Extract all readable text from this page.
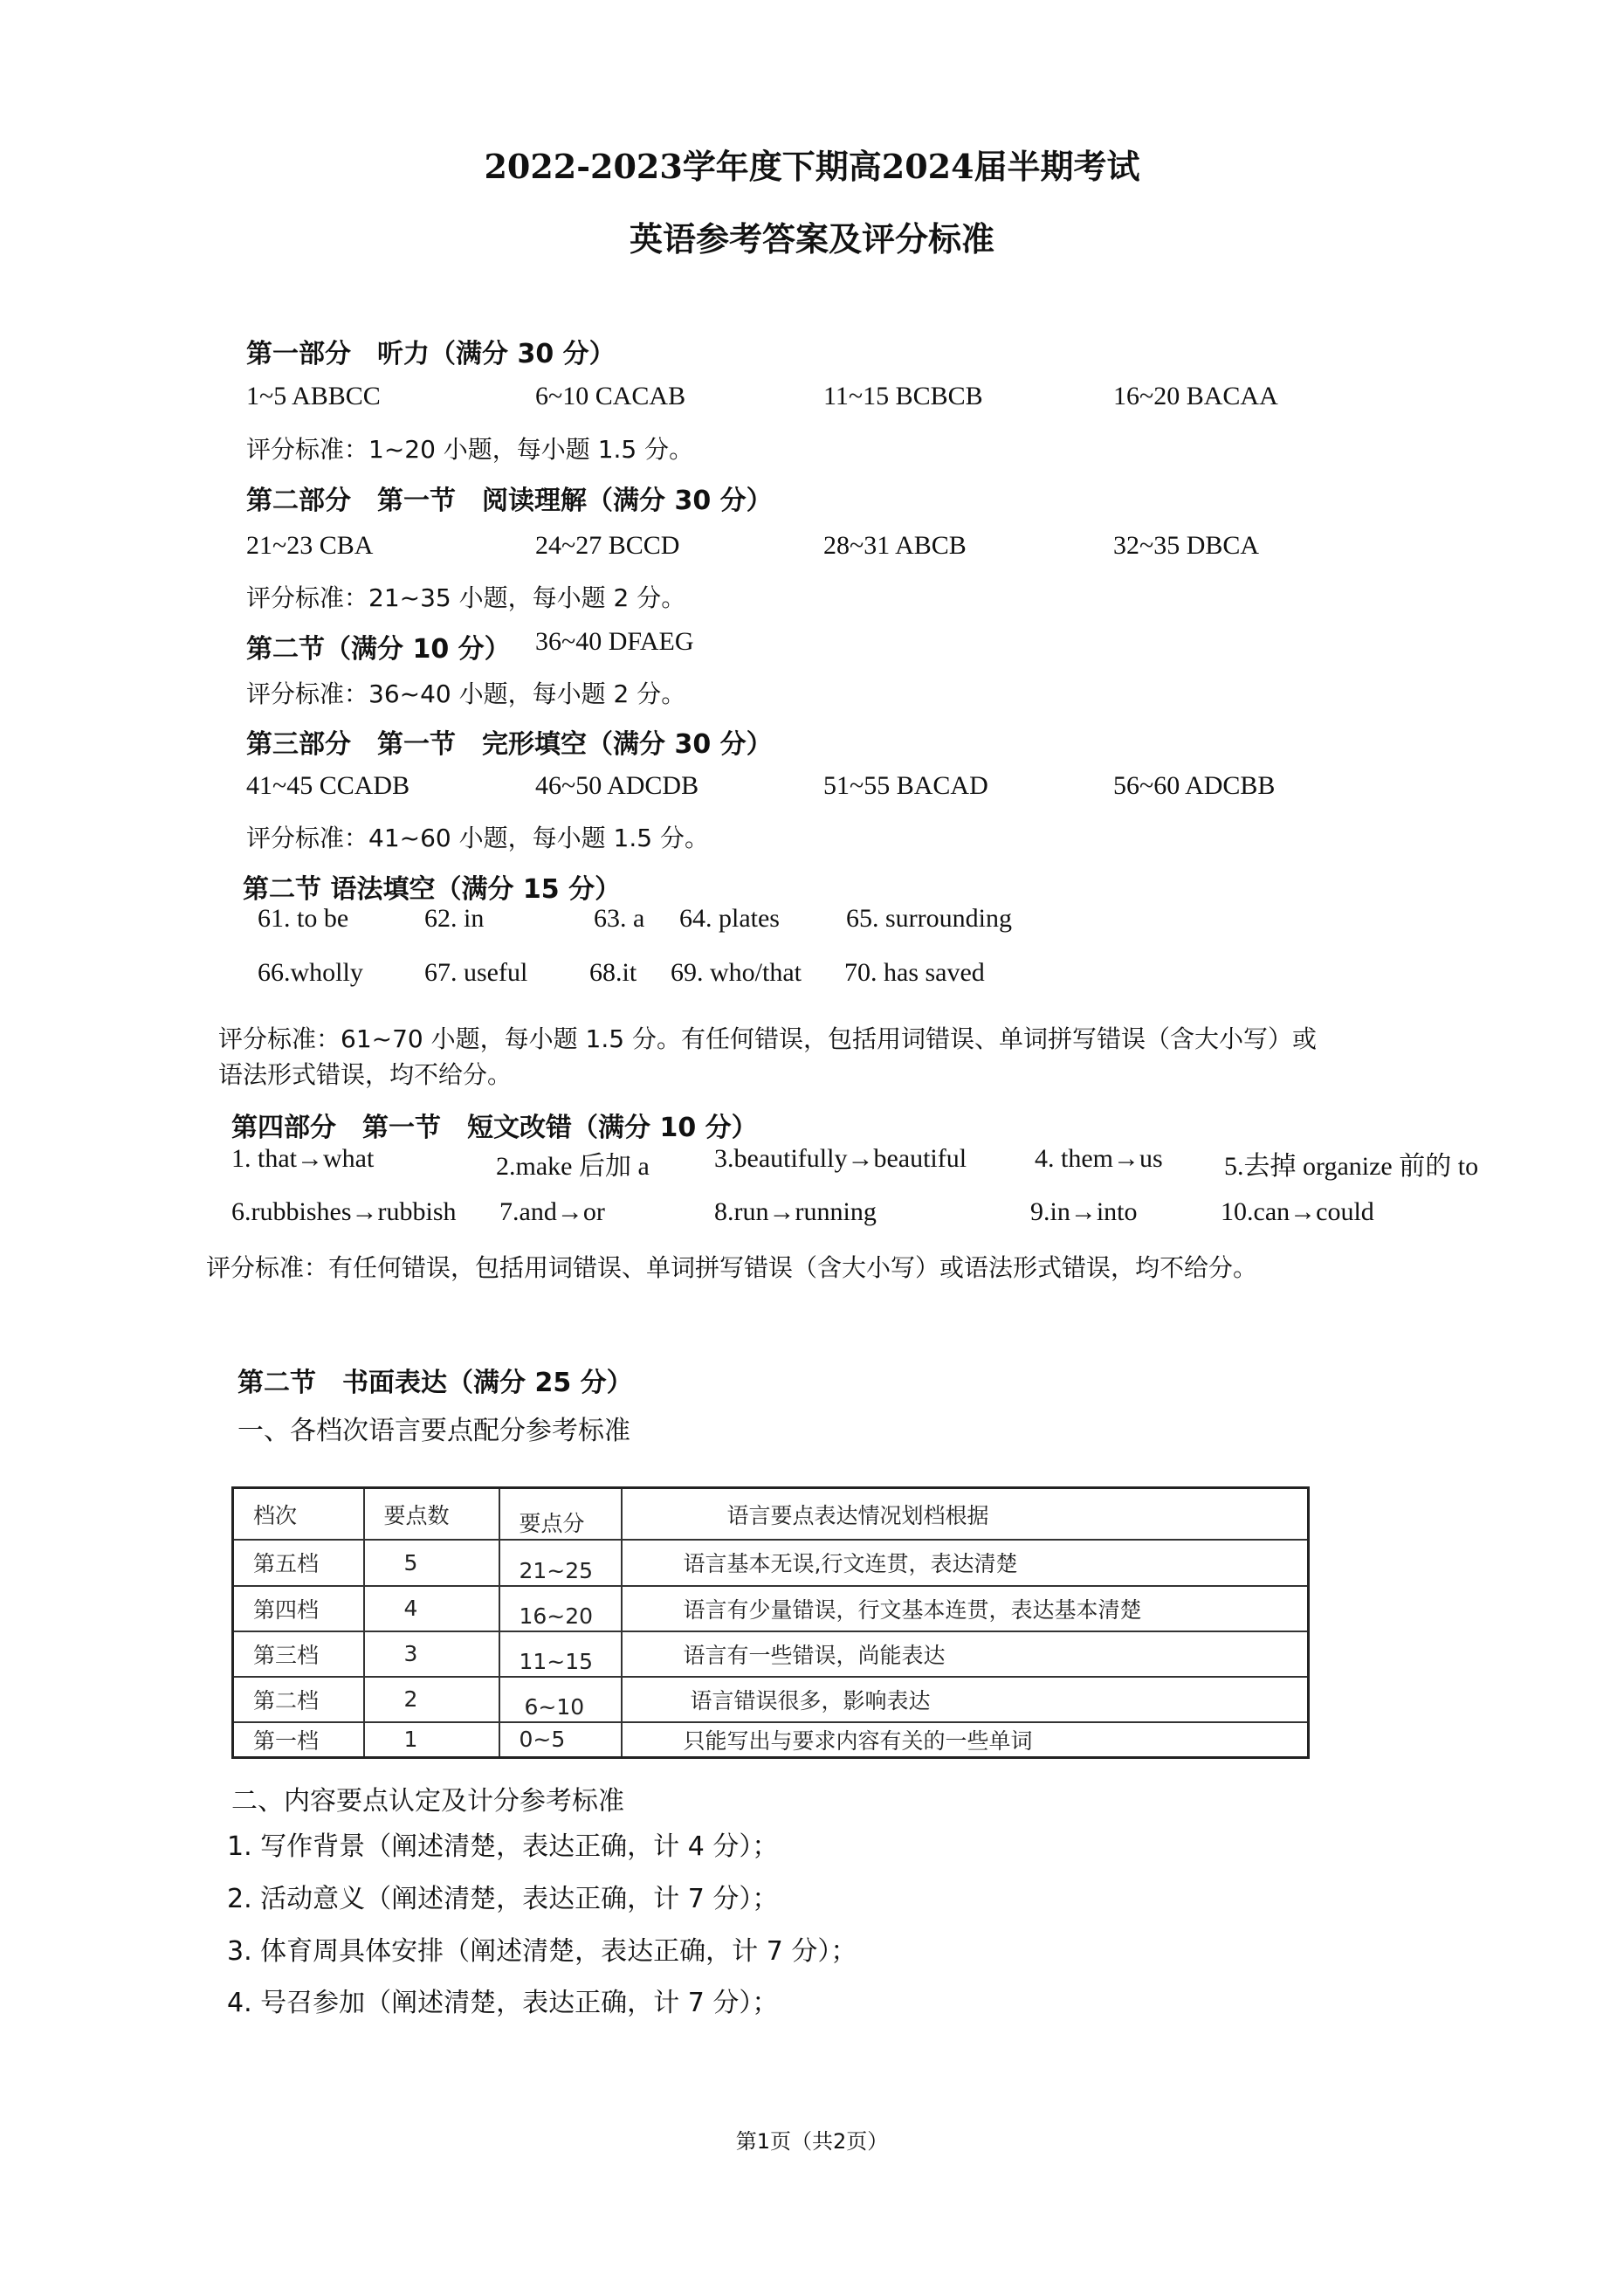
2022-2023学年度下期高2024届半期考试
英语参考答案及评分标准
第一部分　听力（满分 30 分）
1~5 ABBCC	6~10 CACAB	11~15 BCBCB	16~20 BACAA
评分标准：1~20 小题，每小题 1.5 分。
第二部分　第一节　阅读理解（满分 30 分）
21~23 CBA	24~27 BCCD	28~31 ABCB	32~35 DBCA
评分标准：21~35 小题，每小题 2 分。
第二节（满分 10 分） 36~40 DFAEG
评分标准：36~40 小题，每小题 2 分。
第三部分　第一节　完形填空（满分 30 分）
41~45 CCADB	46~50 ADCDB	51~55 BACAD	56~60 ADCBB
评分标准：41~60 小题，每小题 1.5 分。
第二节 语法填空（满分 15 分）
61. to be	62. in	63. a 64. plates	65. surrounding
66.wholly 67. useful 68.it 69. who/that 70. has saved
评分标准：61~70 小题，每小题 1.5 分。有任何错误，包括用词错误、单词拼写错误（含大小写）或
语法形式错误，均不给分。
第四部分　第一节　短文改错（满分 10 分）
1. that→what	2.make 后加 a 3.beautifully→beautiful	4. them→us 5.去掉 organize 前的 to
6.rubbishes→rubbish 7.and→or	8.run→running	9.in→into	10.can→could
评分标准：有任何错误，包括用词错误、单词拼写错误（含大小写）或语法形式错误，均不给分。
第二节　书面表达（满分 25 分）
一、各档次语言要点配分参考标准
档次	要点数	要点分	语言要点表达情况划档根据
第五档	5	21~25	语言基本无误,行文连贯，表达清楚
第四档	4	16~20	语言有少量错误，行文基本连贯，表达基本清楚
第三档	3	11~15	语言有一些错误，尚能表达
第二档	2	6~10	语言错误很多，影响表达
第一档	1	0~5	只能写出与要求内容有关的一些单词
二、内容要点认定及计分参考标准
1. 写作背景（阐述清楚，表达正确，计 4 分）；
2. 活动意义（阐述清楚，表达正确，计 7 分）；
3. 体育周具体安排（阐述清楚，表达正确，计 7 分）；
4. 号召参加（阐述清楚，表达正确，计 7 分）；
第1页（共2页）
